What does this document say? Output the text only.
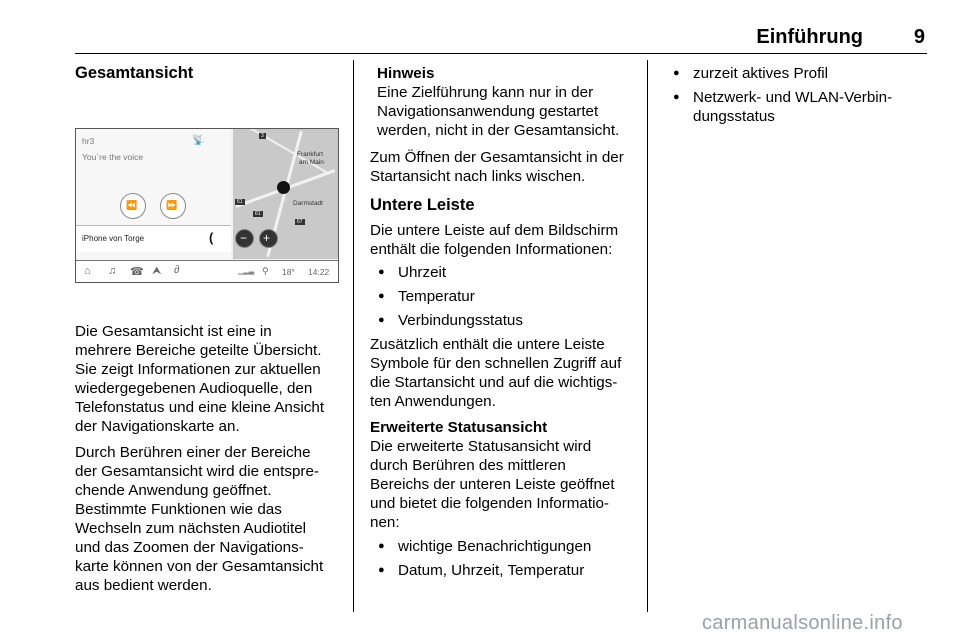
Einführung	9
Gesamtansicht
hr3
You´re the voice
📡
⏪	⏩
iPhone von Torge	(
3
61
61
67
Frankfurt
am Main
Darmstadt
− +
⌂ ♫ ☎ ⮝ ∂	▁▂▃ ⚲ 18° 14:22

Die Gesamtansicht ist eine in
mehrere Bereiche geteilte Übersicht.
Sie zeigt Informationen zur aktuellen
wiedergegebenen Audioquelle, den
Telefonstatus und eine kleine Ansicht
der Navigationskarte an.

Durch Berühren einer der Bereiche
der Gesamtansicht wird die entspre-
chende Anwendung geöffnet.
Bestimmte Funktionen wie das
Wechseln zum nächsten Audiotitel
und das Zoomen der Navigations-
karte können von der Gesamtansicht
aus bedient werden.

Hinweis
Eine Zielführung kann nur in der
Navigationsanwendung gestartet
werden, nicht in der Gesamtansicht.

Zum Öffnen der Gesamtansicht in der
Startansicht nach links wischen.

Untere Leiste

Die untere Leiste auf dem Bildschirm
enthält die folgenden Informationen:

● Uhrzeit
● Temperatur
● Verbindungsstatus

Zusätzlich enthält die untere Leiste
Symbole für den schnellen Zugriff auf
die Startansicht und auf die wichtigs-
ten Anwendungen.

Erweiterte Statusansicht

Die erweiterte Statusansicht wird
durch Berühren des mittleren
Bereichs der unteren Leiste geöffnet
und bietet die folgenden Informatio-
nen:

● wichtige Benachrichtigungen
● Datum, Uhrzeit, Temperatur
● zurzeit aktives Profil
● Netzwerk- und WLAN-Verbin-
dungsstatus
carmanualsonline.info
